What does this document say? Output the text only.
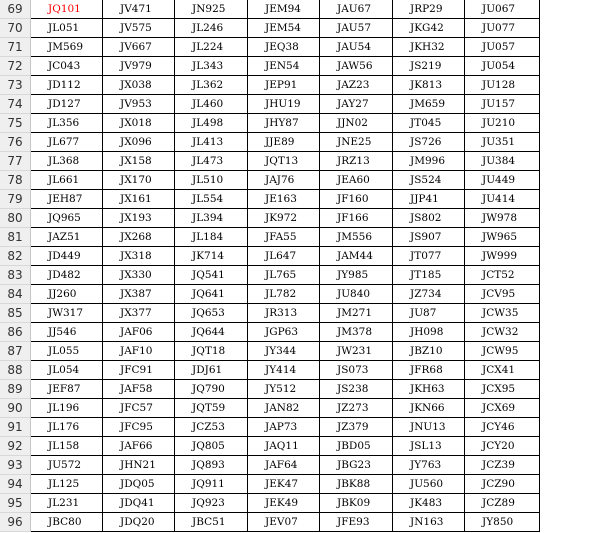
69	JQ101	JV471	JN925	JEM94	JAU67	JRP29	JU067
70	JL051	JV575	JL246	JEM54	JAU57	JKG42	JU077
71	JM569	JV667	JL224	JEQ38	JAU54	JKH32	JU057
72	JC043	JV979	JL343	JEN54	JAW56	JS219	JU054
73	JD112	JX038	JL362	JEP91	JAZ23	JK813	JU128
74	JD127	JV953	JL460	JHU19	JAY27	JM659	JU157
75	JL356	JX018	JL498	JHY87	JJN02	JT045	JU210
76	JL677	JX096	JL413	JJE89	JNE25	JS726	JU351
77	JL368	JX158	JL473	JQT13	JRZ13	JM996	JU384
78	JL661	JX170	JL510	JAJ76	JEA60	JS524	JU449
79	JEH87	JX161	JL554	JE163	JF160	JJP41	JU414
80	JQ965	JX193	JL394	JK972	JF166	JS802	JW978
81	JAZ51	JX268	JL184	JFA55	JM556	JS907	JW965
82	JD449	JX318	JK714	JL647	JAM44	JT077	JW999
83	JD482	JX330	JQ541	JL765	JY985	JT185	JCT52
84	JJ260	JX387	JQ641	JL782	JU840	JZ734	JCV95
85	JW317	JX377	JQ653	JR313	JM271	JU87	JCW35
86	JJ546	JAF06	JQ644	JGP63	JM378	JH098	JCW32
87	JL055	JAF10	JQT18	JY344	JW231	JBZ10	JCW95
88	JL054	JFC91	JDJ61	JY414	JS073	JFR68	JCX41
89	JEF87	JAF58	JQ790	JY512	JS238	JKH63	JCX95
90	JL196	JFC57	JQT59	JAN82	JZ273	JKN66	JCX69
91	JL176	JFC95	JCZ53	JAP73	JZ379	JNU13	JCY46
92	JL158	JAF66	JQ805	JAQ11	JBD05	JSL13	JCY20
93	JU572	JHN21	JQ893	JAF64	JBG23	JY763	JCZ39
94	JL125	JDQ05	JQ911	JEK47	JBK88	JU560	JCZ90
95	JL231	JDQ41	JQ923	JEK49	JBK09	JK483	JCZ89
96	JBC80	JDQ20	JBC51	JEV07	JFE93	JN163	JY850
